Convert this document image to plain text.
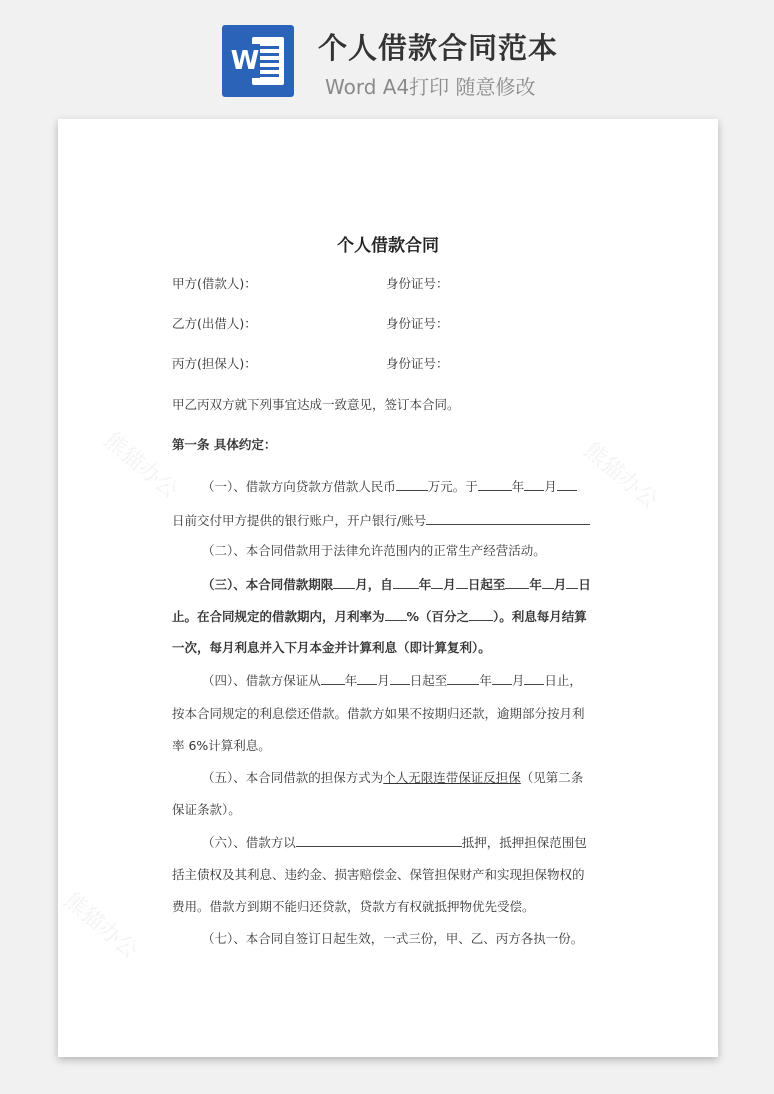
W 个人借款合同范本
Word A4打印 随意修改
熊猫办公	熊猫办公
熊猫办公
个人借款合同
甲方(借款人)：	身份证号：
乙方(出借人)：	身份证号：
丙方(担保人)：	身份证号：
甲乙丙双方就下列事宜达成一致意见，签订本合同。
第一条 具体约定：
（一）、借款方向贷款方借款人民币	万元。于	年 月
日前交付甲方提供的银行账户，开户银行/账号
（二）、本合同借款用于法律允许范围内的正常生产经营活动。
（三）、本合同借款期限 月，自 年 月 日起至 年 月 日
止。在合同规定的借款期内，月利率为 %（百分之 ）。利息每月结算
一次，每月利息并入下月本金并计算利息（即计算复利）。
（四）、借款方保证从 年 月 日起至	年 月 日止，
按本合同规定的利息偿还借款。借款方如果不按期归还款，逾期部分按月利
率 6%计算利息。
（五）、本合同借款的担保方式为个人无限连带保证反担保（见第二条
保证条款）。
（六）、借款方以	抵押，抵押担保范围包
括主债权及其利息、违约金、损害赔偿金、保管担保财产和实现担保物权的
费用。借款方到期不能归还贷款，贷款方有权就抵押物优先受偿。
（七）、本合同自签订日起生效，一式三份，甲、乙、丙方各执一份。
